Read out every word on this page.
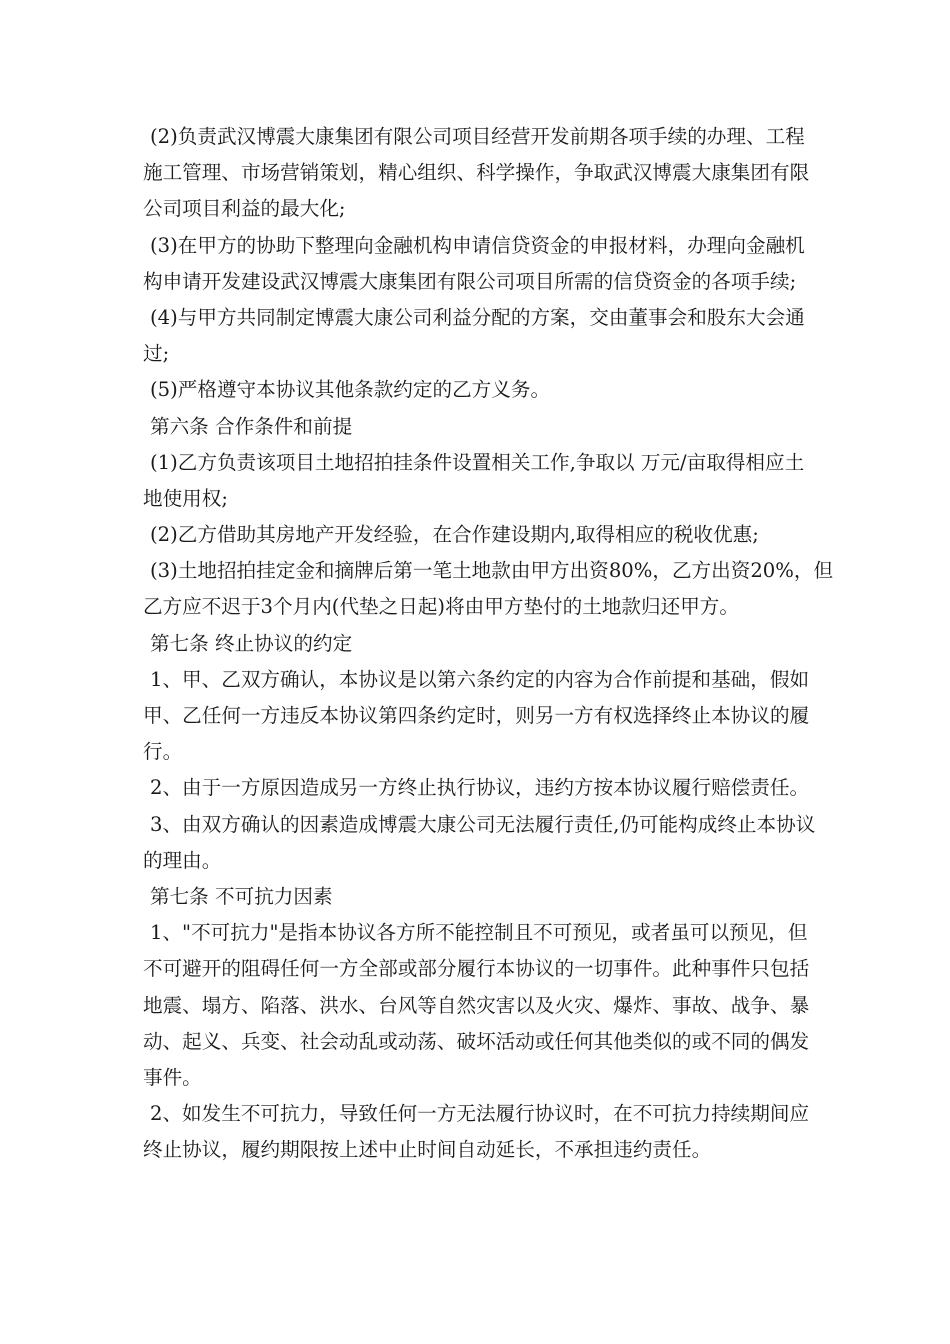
(2)负责武汉博震大康集团有限公司项目经营开发前期各项手续的办理、工程
施工管理、市场营销策划，精心组织、科学操作，争取武汉博震大康集团有限
公司项目利益的最大化;
(3)在甲方的协助下整理向金融机构申请信贷资金的申报材料，办理向金融机
构申请开发建设武汉博震大康集团有限公司项目所需的信贷资金的各项手续;
(4)与甲方共同制定博震大康公司利益分配的方案，交由董事会和股东大会通
过;
(5)严格遵守本协议其他条款约定的乙方义务。
第六条 合作条件和前提
(1)乙方负责该项目土地招拍挂条件设置相关工作,争取以 万元/亩取得相应土
地使用权;
(2)乙方借助其房地产开发经验，在合作建设期内,取得相应的税收优惠;
(3)土地招拍挂定金和摘牌后第一笔土地款由甲方出资80%，乙方出资20%，但
乙方应不迟于3个月内(代垫之日起)将由甲方垫付的土地款归还甲方。
第七条 终止协议的约定
1、甲、乙双方确认，本协议是以第六条约定的内容为合作前提和基础，假如
甲、乙任何一方违反本协议第四条约定时，则另一方有权选择终止本协议的履
行。
2、由于一方原因造成另一方终止执行协议，违约方按本协议履行赔偿责任。
3、由双方确认的因素造成博震大康公司无法履行责任,仍可能构成终止本协议
的理由。
第七条 不可抗力因素
1、"不可抗力"是指本协议各方所不能控制且不可预见，或者虽可以预见，但
不可避开的阻碍任何一方全部或部分履行本协议的一切事件。此种事件只包括
地震、塌方、陷落、洪水、台风等自然灾害以及火灾、爆炸、事故、战争、暴
动、起义、兵变、社会动乱或动荡、破坏活动或任何其他类似的或不同的偶发
事件。
2、如发生不可抗力，导致任何一方无法履行协议时，在不可抗力持续期间应
终止协议，履约期限按上述中止时间自动延长，不承担违约责任。
